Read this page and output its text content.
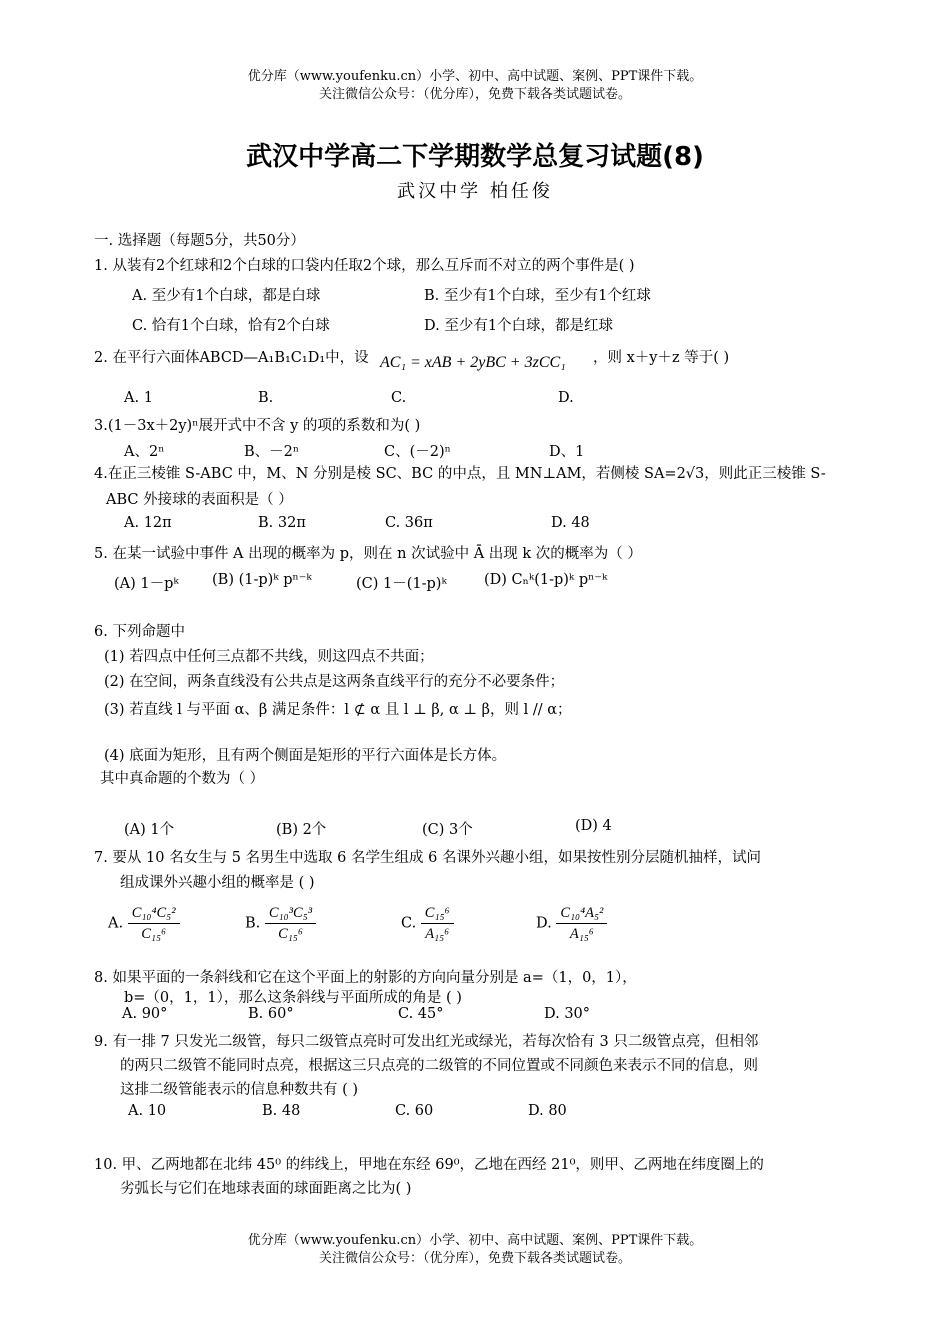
优分库（www.youfenku.cn）小学、初中、高中试题、案例、PPT课件下载。
关注微信公众号：（优分库），免费下载各类试题试卷。
武汉中学高二下学期数学总复习试题(8)
武汉中学 柏任俊
一. 选择题（每题5分，共50分）
1. 从装有2个红球和2个白球的口袋内任取2个球，那么互斥而不对立的两个事件是( )
A. 至少有1个白球，都是白球	B. 至少有1个白球，至少有1个红球
C. 恰有1个白球，恰有2个白球	D. 至少有1个白球，都是红球
2. 在平行六面体ABCD—A₁B₁C₁D₁中，设 AC₁ = xAB + 2yBC + 3zCC₁ ，则 x＋y＋z 等于( )
A. 1	B.	C.	D.
3.(1－3x＋2y)ⁿ展开式中不含 y 的项的系数和为( )
A、2ⁿ	B、－2ⁿ	C、(－2)ⁿ	D、1
4.在正三棱锥 S-ABC 中，M、N 分别是棱 SC、BC 的中点，且 MN⊥AM，若侧棱 SA=2√3，则此正三棱锥 S-
ABC 外接球的表面积是（ ）
A. 12π	B. 32π	C. 36π	D. 48
5. 在某一试验中事件 A 出现的概率为 p，则在 n 次试验中 Ā 出现 k 次的概率为（ ）
(A) 1－pᵏ (B) (1-p)ᵏ pⁿ⁻ᵏ	(C) 1－(1-p)ᵏ	(D) Cₙᵏ(1-p)ᵏ pⁿ⁻ᵏ
6. 下列命题中
(1) 若四点中任何三点都不共线，则这四点不共面；
(2) 在空间，两条直线没有公共点是这两条直线平行的充分不必要条件；
(3) 若直线 l 与平面 α、β 满足条件：l ⊄ α 且 l ⊥ β, α ⊥ β，则 l // α；
(4) 底面为矩形，且有两个侧面是矩形的平行六面体是长方体。
其中真命题的个数为（ ）
(A) 1个	(B) 2个	(C) 3个	(D) 4
7. 要从 10 名女生与 5 名男生中选取 6 名学生组成 6 名课外兴趣小组，如果按性别分层随机抽样，试问
组成课外兴趣小组的概率是 ( )
A. $\frac{\text{C₁₀⁴C₅²}}{\text{C₁₅⁶}}$	B. $\frac{\text{C₁₀³C₅³}}{\text{C₁₅⁶}}$	C. $\frac{\text{C₁₅⁶}}{\text{A₁₅⁶}}$	D. $\frac{\text{C₁₀⁴A₅²}}{\text{A₁₅⁶}}$
8. 如果平面的一条斜线和它在这个平面上的射影的方向向量分别是 a=（1，0，1），
b=（0，1，1），那么这条斜线与平面所成的角是 ( )
A. 90°	B. 60°	C. 45°	D. 30°
9. 有一排 7 只发光二级管，每只二级管点亮时可发出红光或绿光，若每次恰有 3 只二级管点亮，但相邻
的两只二级管不能同时点亮，根据这三只点亮的二级管的不同位置或不同颜色来表示不同的信息，则
这排二级管能表示的信息种数共有 ( )
A. 10	B. 48	C. 60	D. 80
10. 甲、乙两地都在北纬 45⁰ 的纬线上，甲地在东经 69⁰，乙地在西经 21⁰，则甲、乙两地在纬度圈上的
劣弧长与它们在地球表面的球面距离之比为( )
优分库（www.youfenku.cn）小学、初中、高中试题、案例、PPT课件下载。
关注微信公众号：（优分库），免费下载各类试题试卷。
